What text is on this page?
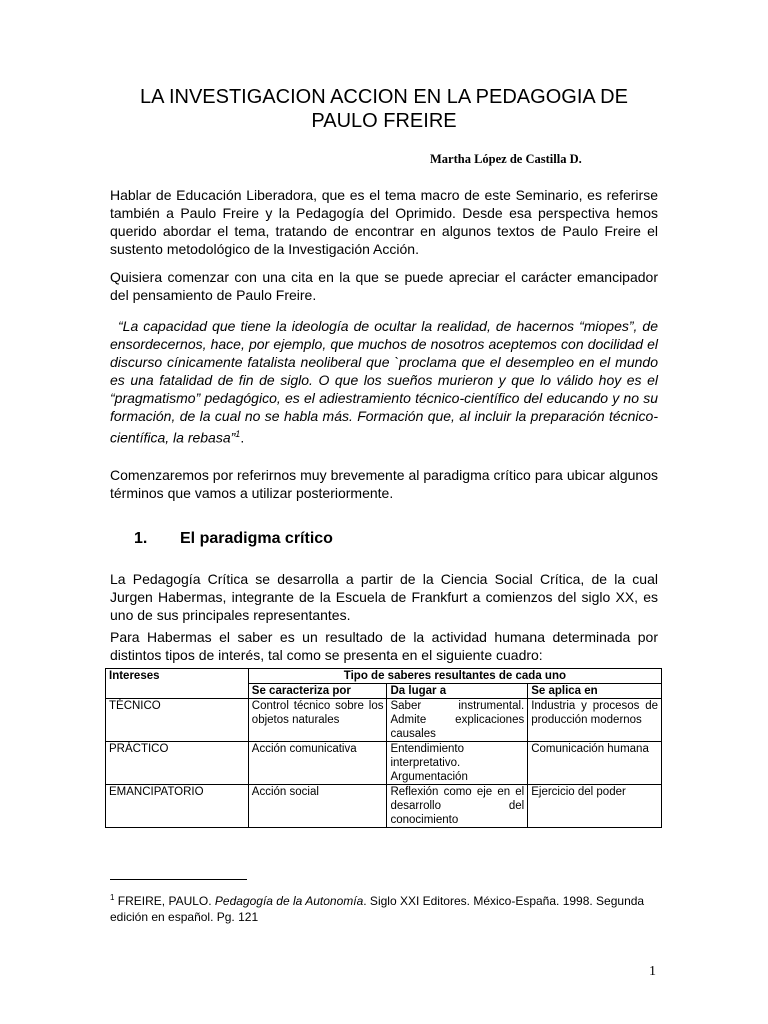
LA INVESTIGACION ACCION EN LA PEDAGOGIA DE
PAULO FREIRE
Martha López de Castilla D.

Hablar de Educación Liberadora, que es el tema macro de este Seminario, es referirse también a Paulo Freire y la Pedagogía del Oprimido. Desde esa perspectiva hemos querido abordar el tema, tratando de encontrar en algunos textos de Paulo Freire el sustento metodológico de la Investigación Acción.

Quisiera comenzar con una cita en la que se puede apreciar el carácter emancipador del pensamiento de Paulo Freire.

“La capacidad que tiene la ideología de ocultar la realidad, de hacernos “miopes”, de ensordecernos, hace, por ejemplo, que muchos de nosotros aceptemos con docilidad el discurso cínicamente fatalista neoliberal que `proclama que el desempleo en el mundo es una fatalidad de fin de siglo. O que los sueños murieron y que lo válido hoy es el “pragmatismo” pedagógico, es el adiestramiento técnico-científico del educando y no su formación, de la cual no se habla más. Formación que, al incluir la preparación técnico-científica, la rebasa”$^1$.

Comenzaremos por referirnos muy brevemente al paradigma crítico para ubicar algunos términos que vamos a utilizar posteriormente.

1. El paradigma crítico

La Pedagogía Crítica se desarrolla a partir de la Ciencia Social Crítica, de la cual Jurgen Habermas, integrante de la Escuela de Frankfurt a comienzos del siglo XX, es uno de sus principales representantes.

Para Habermas el saber es un resultado de la actividad humana determinada por distintos tipos de interés, tal como se presenta en el siguiente cuadro:

Intereses	Tipo de saberes resultantes de cada uno		
	Se caracteriza por	Da lugar a	Se aplica en
TÉCNICO	Control técnico sobre los objetos naturales	Saber instrumental. Admite explicaciones causales	Industria y procesos de producción modernos
PRÁCTICO	Acción comunicativa	Entendimiento interpretativo. Argumentación	Comunicación humana
EMANCIPATORIO	Acción social	Reflexión como eje en el desarrollo del conocimiento	Ejercicio del poder
$^1$ FREIRE, PAULO. Pedagogía de la Autonomía. Siglo XXI Editores. México-España. 1998. Segunda edición en español. Pg. 121
1
